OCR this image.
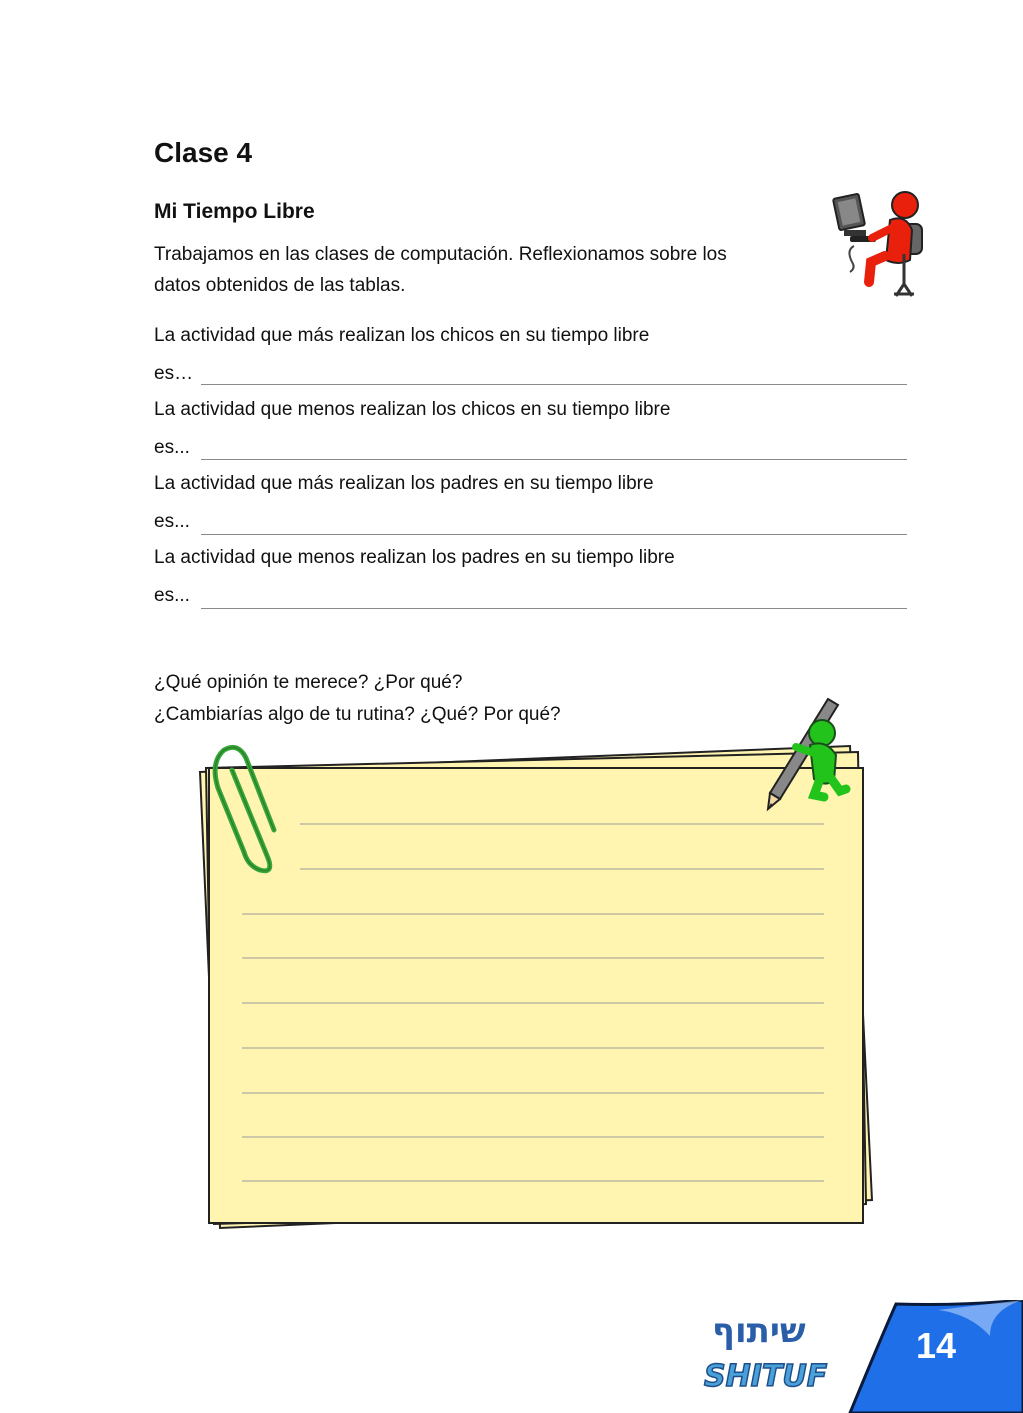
Clase 4
Mi Tiempo Libre

Trabajamos en las clases de computación. Reflexionamos sobre los
datos obtenidos de las tablas.

La actividad que más realizan los chicos en su tiempo libre
es…
La actividad que menos realizan los chicos en su tiempo libre
es...
La actividad que más realizan los padres en su tiempo libre
es...
La actividad que menos realizan los padres en su tiempo libre
es...

¿Qué opinión te merece? ¿Por qué?
¿Cambiarías algo de tu rutina? ¿Qué? Por qué?

שיתוף
SHITUF
14
